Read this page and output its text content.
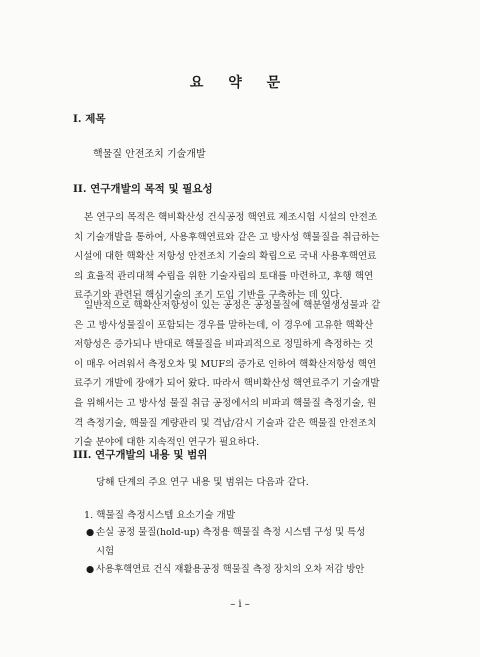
요 약 문
I. 제목
핵물질 안전조치 기술개발
II. 연구개발의 목적 및 필요성
본 연구의 목적은 핵비확산성 건식공정 핵연료 제조시험 시설의 안전조
치 기술개발을 통하여, 사용후핵연료와 같은 고 방사성 핵물질을 취급하는
시설에 대한 핵확산 저항성 안전조치 기술의 확립으로 국내 사용후핵연료
의 효율적 관리대책 수립을 위한 기술자립의 토대를 마련하고, 후행 핵연
료주기와 관련된 핵심기술의 조기 도입 기반을 구축하는 데 있다.
일반적으로 핵확산저항성이 있는 공정은 공정물질에 핵분열생성물과 같
은 고 방사성물질이 포함되는 경우를 말하는데, 이 경우에 고유한 핵확산
저항성은 증가되나 반대로 핵물질을 비파괴적으로 정밀하게 측정하는 것
이 매우 어려워서 측정오차 및 MUF의 증가로 인하여 핵확산저항성 핵연
료주기 개발에 장애가 되어 왔다. 따라서 핵비확산성 핵연료주기 기술개발
을 위해서는 고 방사성 물질 취급 공정에서의 비파괴 핵물질 측정기술, 원
격 측정기술, 핵물질 계량관리 및 격납/감시 기술과 같은 핵물질 안전조치
기술 분야에 대한 지속적인 연구가 필요하다.
III. 연구개발의 내용 및 범위
당해 단계의 주요 연구 내용 및 범위는 다음과 같다.
1. 핵물질 측정시스템 요소기술 개발
● 손실 공정 물질(hold-up) 측정용 핵물질 측정 시스템 구성 및 특성
시험
● 사용후핵연료 건식 재활용공정 핵물질 측정 장치의 오차 저감 방안
– i –
